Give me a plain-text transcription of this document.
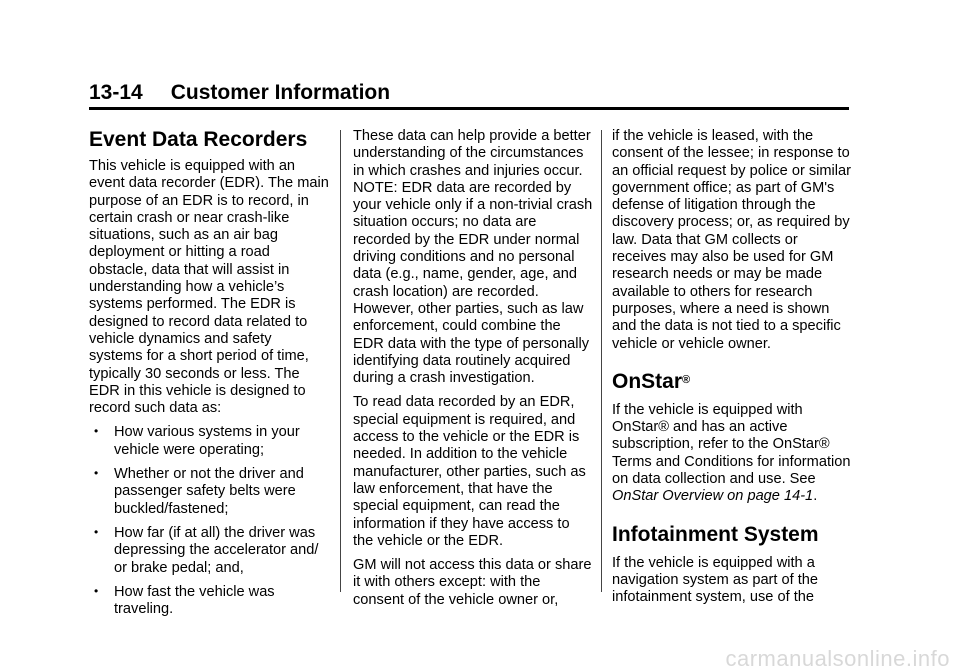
13-14 Customer Information
Event Data Recorders

This vehicle is equipped with an event data recorder (EDR). The main purpose of an EDR is to record, in certain crash or near crash-like situations, such as an air bag deployment or hitting a road obstacle, data that will assist in understanding how a vehicle’s systems performed. The EDR is designed to record data related to vehicle dynamics and safety systems for a short period of time, typically 30 seconds or less. The EDR in this vehicle is designed to record such data as:

• How various systems in your vehicle were operating;
• Whether or not the driver and passenger safety belts were buckled/fastened;
• How far (if at all) the driver was depressing the accelerator and/ or brake pedal; and,
• How fast the vehicle was traveling.

These data can help provide a better understanding of the circumstances in which crashes and injuries occur. NOTE: EDR data are recorded by your vehicle only if a non-trivial crash situation occurs; no data are recorded by the EDR under normal driving conditions and no personal data (e.g., name, gender, age, and crash location) are recorded. However, other parties, such as law enforcement, could combine the EDR data with the type of personally identifying data routinely acquired during a crash investigation.

To read data recorded by an EDR, special equipment is required, and access to the vehicle or the EDR is needed. In addition to the vehicle manufacturer, other parties, such as law enforcement, that have the special equipment, can read the information if they have access to the vehicle or the EDR.

GM will not access this data or share it with others except: with the consent of the vehicle owner or,

if the vehicle is leased, with the consent of the lessee; in response to an official request by police or similar government office; as part of GM's defense of litigation through the discovery process; or, as required by law. Data that GM collects or receives may also be used for GM research needs or may be made available to others for research purposes, where a need is shown and the data is not tied to a specific vehicle or vehicle owner.

OnStar®

If the vehicle is equipped with OnStar® and has an active subscription, refer to the OnStar® Terms and Conditions for information on data collection and use. See OnStar Overview on page 14‑1.

Infotainment System

If the vehicle is equipped with a navigation system as part of the infotainment system, use of the

carmanualsonline.info
